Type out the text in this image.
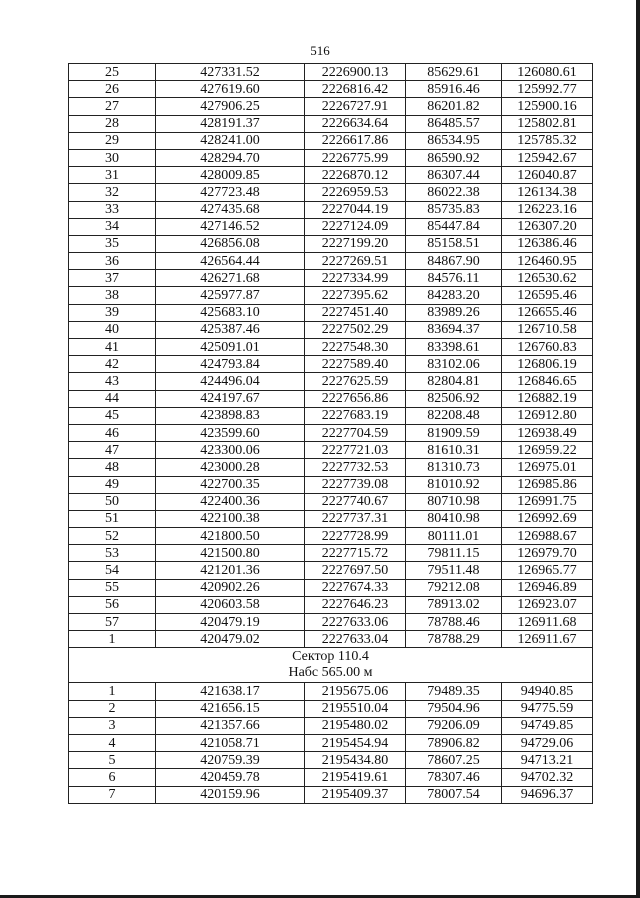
516
25	427331.52	2226900.13	85629.61	126080.61
26	427619.60	2226816.42	85916.46	125992.77
27	427906.25	2226727.91	86201.82	125900.16
28	428191.37	2226634.64	86485.57	125802.81
29	428241.00	2226617.86	86534.95	125785.32
30	428294.70	2226775.99	86590.92	125942.67
31	428009.85	2226870.12	86307.44	126040.87
32	427723.48	2226959.53	86022.38	126134.38
33	427435.68	2227044.19	85735.83	126223.16
34	427146.52	2227124.09	85447.84	126307.20
35	426856.08	2227199.20	85158.51	126386.46
36	426564.44	2227269.51	84867.90	126460.95
37	426271.68	2227334.99	84576.11	126530.62
38	425977.87	2227395.62	84283.20	126595.46
39	425683.10	2227451.40	83989.26	126655.46
40	425387.46	2227502.29	83694.37	126710.58
41	425091.01	2227548.30	83398.61	126760.83
42	424793.84	2227589.40	83102.06	126806.19
43	424496.04	2227625.59	82804.81	126846.65
44	424197.67	2227656.86	82506.92	126882.19
45	423898.83	2227683.19	82208.48	126912.80
46	423599.60	2227704.59	81909.59	126938.49
47	423300.06	2227721.03	81610.31	126959.22
48	423000.28	2227732.53	81310.73	126975.01
49	422700.35	2227739.08	81010.92	126985.86
50	422400.36	2227740.67	80710.98	126991.75
51	422100.38	2227737.31	80410.98	126992.69
52	421800.50	2227728.99	80111.01	126988.67
53	421500.80	2227715.72	79811.15	126979.70
54	421201.36	2227697.50	79511.48	126965.77
55	420902.26	2227674.33	79212.08	126946.89
56	420603.58	2227646.23	78913.02	126923.07
57	420479.19	2227633.06	78788.46	126911.68
1	420479.02	2227633.04	78788.29	126911.67

Сектор 110.4
Набс 565.00 м				

1	421638.17	2195675.06	79489.35	94940.85
2	421656.15	2195510.04	79504.96	94775.59
3	421357.66	2195480.02	79206.09	94749.85
4	421058.71	2195454.94	78906.82	94729.06
5	420759.39	2195434.80	78607.25	94713.21
6	420459.78	2195419.61	78307.46	94702.32
7	420159.96	2195409.37	78007.54	94696.37
